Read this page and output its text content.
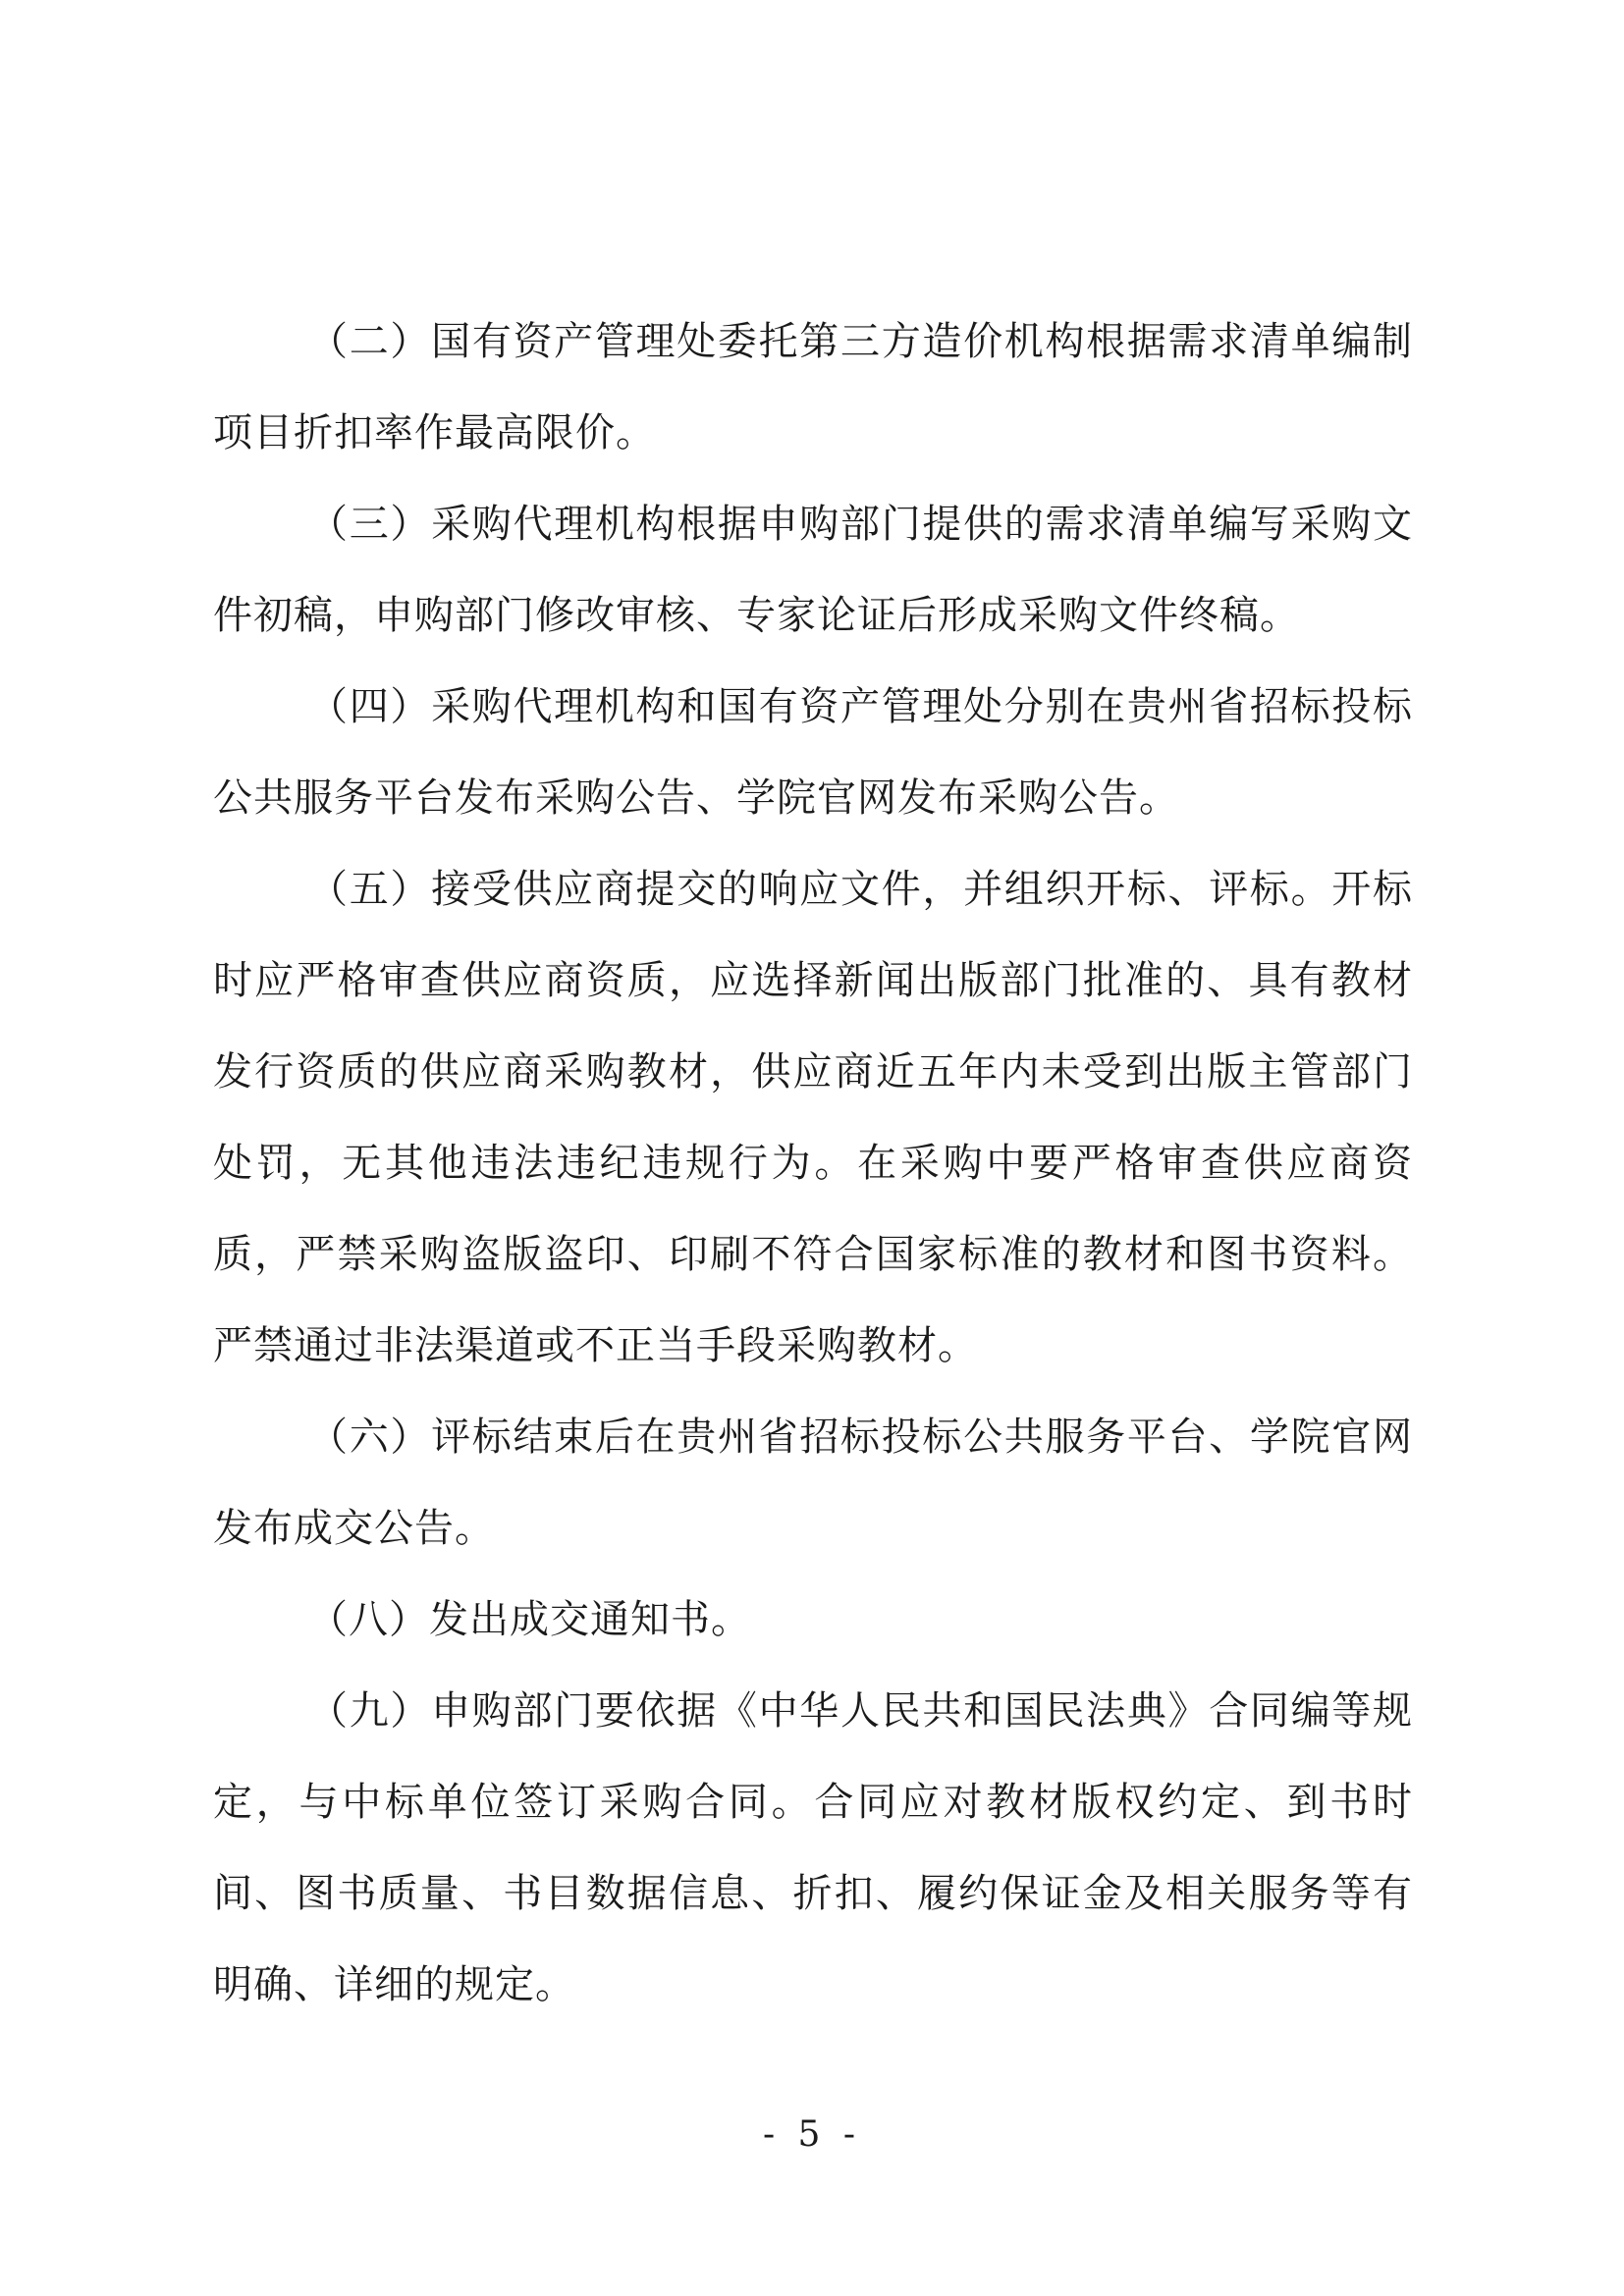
（二）国有资产管理处委托第三方造价机构根据需求清单编制项目折扣率作最高限价。

（三）采购代理机构根据申购部门提供的需求清单编写采购文件初稿，申购部门修改审核、专家论证后形成采购文件终稿。

（四）采购代理机构和国有资产管理处分别在贵州省招标投标公共服务平台发布采购公告、学院官网发布采购公告。

（五）接受供应商提交的响应文件，并组织开标、评标。开标时应严格审查供应商资质，应选择新闻出版部门批准的、具有教材发行资质的供应商采购教材，供应商近五年内未受到出版主管部门处罚，无其他违法违纪违规行为。在采购中要严格审查供应商资质，严禁采购盗版盗印、印刷不符合国家标准的教材和图书资料。严禁通过非法渠道或不正当手段采购教材。

（六）评标结束后在贵州省招标投标公共服务平台、学院官网发布成交公告。

（八）发出成交通知书。

（九）申购部门要依据《中华人民共和国民法典》合同编等规定，与中标单位签订采购合同。合同应对教材版权约定、到书时间、图书质量、书目数据信息、折扣、履约保证金及相关服务等有明确、详细的规定。

- 5 -
